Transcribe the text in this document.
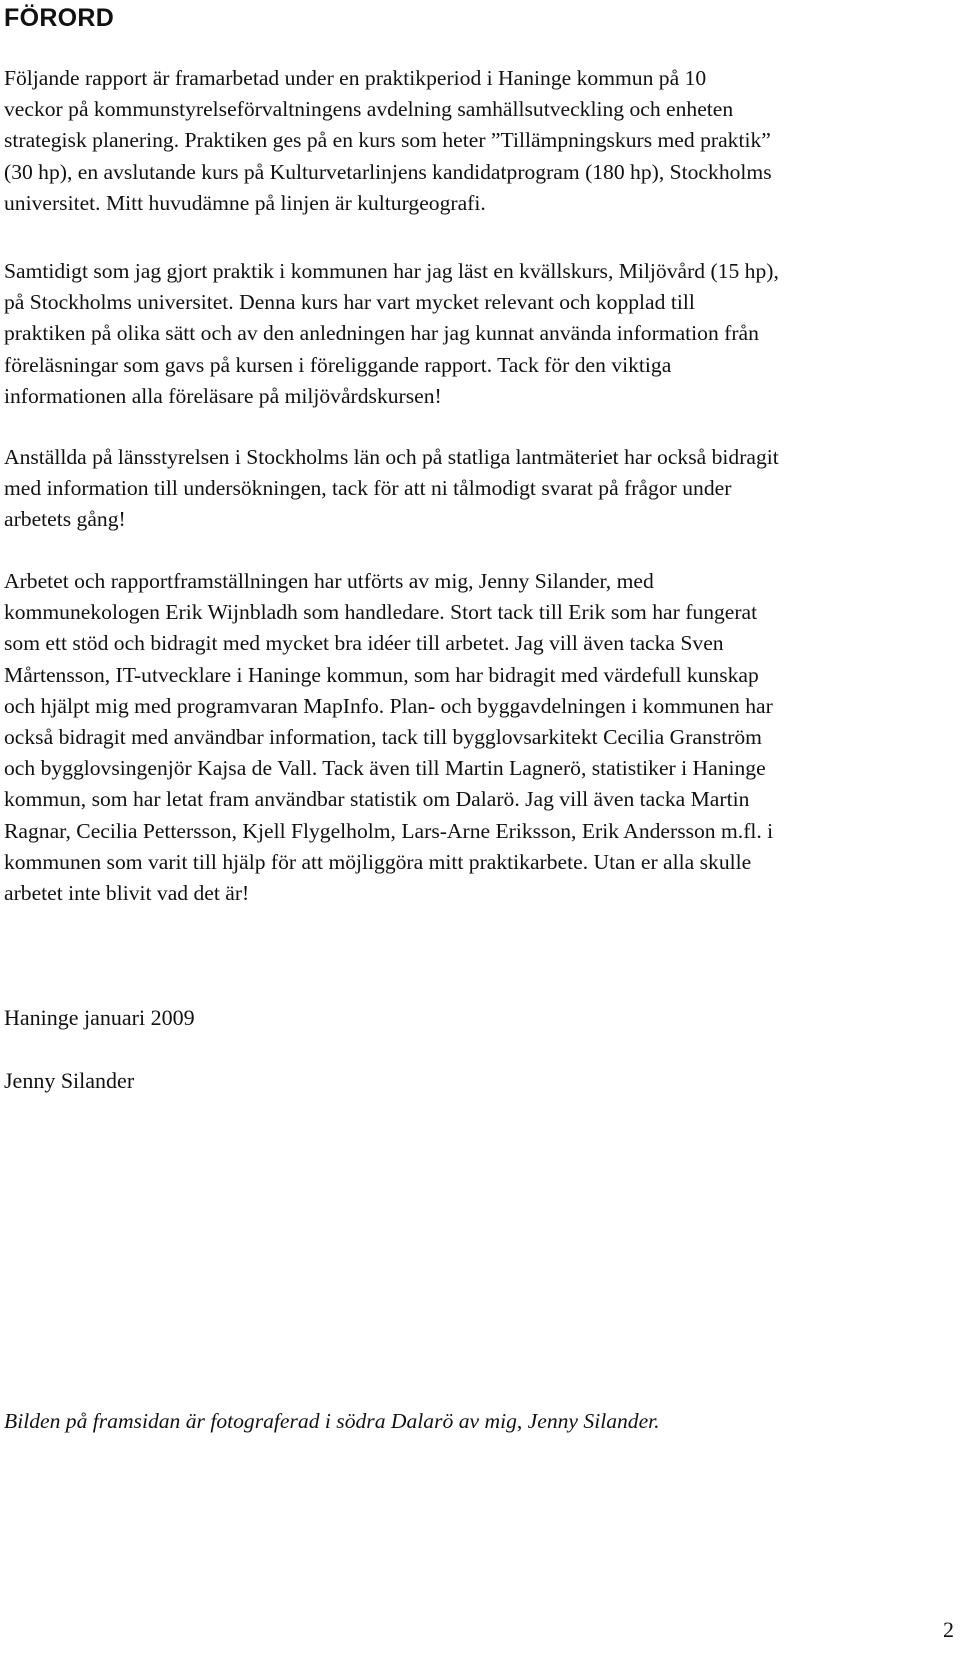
FÖRORD

Följande rapport är framarbetad under en praktikperiod i Haninge kommun på 10
veckor på kommunstyrelseförvaltningens avdelning samhällsutveckling och enheten
strategisk planering. Praktiken ges på en kurs som heter ”Tillämpningskurs med praktik”
(30 hp), en avslutande kurs på Kulturvetarlinjens kandidatprogram (180 hp), Stockholms
universitet. Mitt huvudämne på linjen är kulturgeografi.

Samtidigt som jag gjort praktik i kommunen har jag läst en kvällskurs, Miljövård (15 hp),
på Stockholms universitet. Denna kurs har vart mycket relevant och kopplad till
praktiken på olika sätt och av den anledningen har jag kunnat använda information från
föreläsningar som gavs på kursen i föreliggande rapport. Tack för den viktiga
informationen alla föreläsare på miljövårdskursen!

Anställda på länsstyrelsen i Stockholms län och på statliga lantmäteriet har också bidragit
med information till undersökningen, tack för att ni tålmodigt svarat på frågor under
arbetets gång!

Arbetet och rapportframställningen har utförts av mig, Jenny Silander, med
kommunekologen Erik Wijnbladh som handledare. Stort tack till Erik som har fungerat
som ett stöd och bidragit med mycket bra idéer till arbetet. Jag vill även tacka Sven
Mårtensson, IT-utvecklare i Haninge kommun, som har bidragit med värdefull kunskap
och hjälpt mig med programvaran MapInfo. Plan- och byggavdelningen i kommunen har
också bidragit med användbar information, tack till bygglovsarkitekt Cecilia Granström
och bygglovsingenjör Kajsa de Vall. Tack även till Martin Lagnerö, statistiker i Haninge
kommun, som har letat fram användbar statistik om Dalarö. Jag vill även tacka Martin
Ragnar, Cecilia Pettersson, Kjell Flygelholm, Lars-Arne Eriksson, Erik Andersson m.fl. i
kommunen som varit till hjälp för att möjliggöra mitt praktikarbete. Utan er alla skulle
arbetet inte blivit vad det är!

Haninge januari 2009

Jenny Silander

Bilden på framsidan är fotograferad i södra Dalarö av mig, Jenny Silander.

2
